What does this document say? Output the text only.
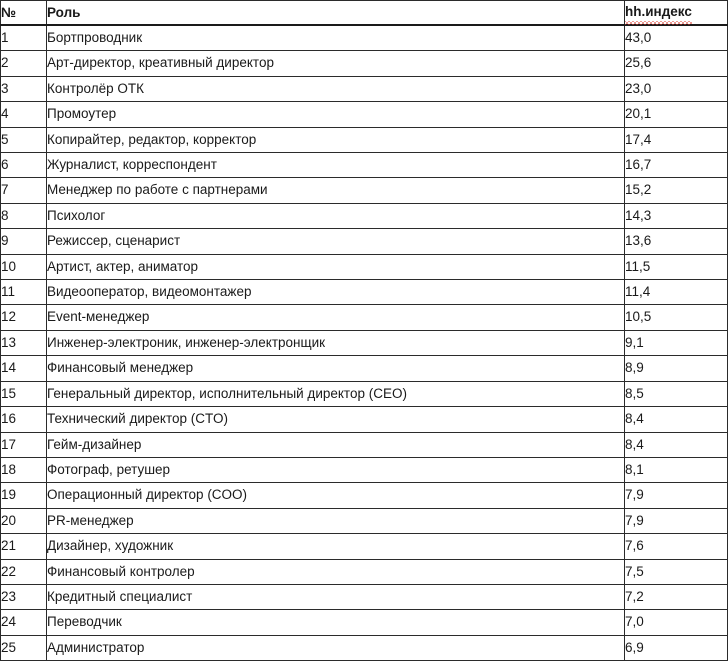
№	Роль	hh.индекс
1	Бортпроводник	43,0
2	Арт-директор, креативный директор	25,6
3	Контролёр ОТК	23,0
4	Промоутер	20,1
5	Копирайтер, редактор, корректор	17,4
6	Журналист, корреспондент	16,7
7	Менеджер по работе с партнерами	15,2
8	Психолог	14,3
9	Режиссер, сценарист	13,6
10	Артист, актер, аниматор	11,5
11	Видеооператор, видеомонтажер	11,4
12	Event-менеджер	10,5
13	Инженер-электроник, инженер-электронщик	9,1
14	Финансовый менеджер	8,9
15	Генеральный директор, исполнительный директор (CEO)	8,5
16	Технический директор (CTO)	8,4
17	Гейм-дизайнер	8,4
18	Фотограф, ретушер	8,1
19	Операционный директор (COO)	7,9
20	PR-менеджер	7,9
21	Дизайнер, художник	7,6
22	Финансовый контролер	7,5
23	Кредитный специалист	7,2
24	Переводчик	7,0
25	Администратор	6,9
